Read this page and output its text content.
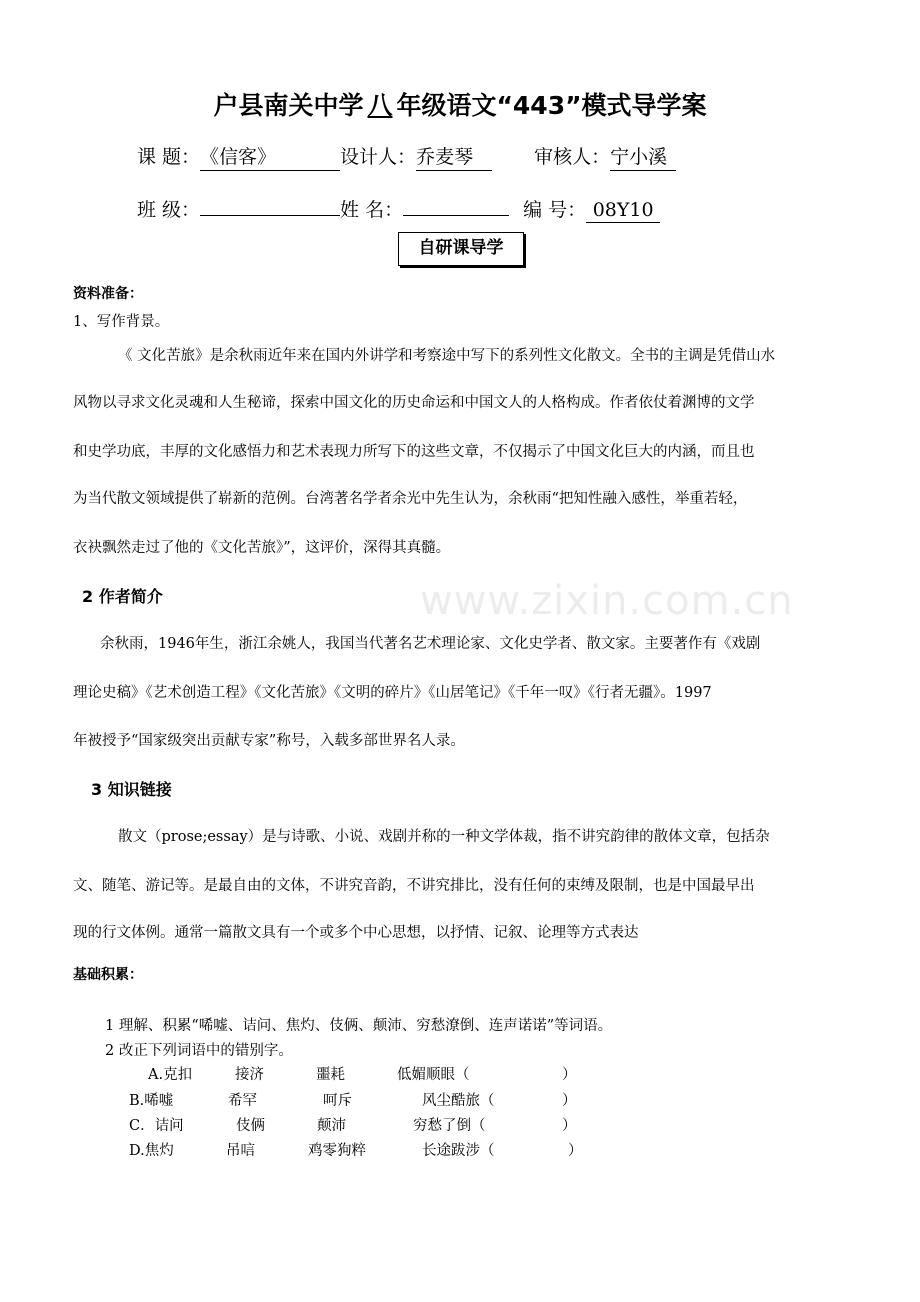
www.zixin.com.cn
户县南关中学 八 年级语文“443”模式导学案
课 题：《信客》	设计人：乔麦琴	审核人：宁小溪
班 级：	姓 名：	编 号： 08Y10
自研课导学
资料准备：
1、写作背景。
《 文化苦旅》是余秋雨近年来在国内外讲学和考察途中写下的系列性文化散文。全书的主调是凭借山水
风物以寻求文化灵魂和人生秘谛，探索中国文化的历史命运和中国文人的人格构成。作者依仗着渊博的文学
和史学功底，丰厚的文化感悟力和艺术表现力所写下的这些文章，不仅揭示了中国文化巨大的内涵，而且也
为当代散文领域提供了崭新的范例。台湾著名学者余光中先生认为，余秋雨“把知性融入感性，举重若轻，
衣袂飘然走过了他的《文化苦旅》”，这评价，深得其真髓。
2 作者简介
余秋雨，1946年生，浙江余姚人，我国当代著名艺术理论家、文化史学者、散文家。主要著作有《戏剧
理论史稿》《艺术创造工程》《文化苦旅》《文明的碎片》《山居笔记》《千年一叹》《行者无疆》。1997
年被授予“国家级突出贡献专家”称号，入载多部世界名人录。
3 知识链接
散文（prose;essay）是与诗歌、小说、戏剧并称的一种文学体裁，指不讲究韵律的散体文章，包括杂
文、随笔、游记等。是最自由的文体，不讲究音韵，不讲究排比，没有任何的束缚及限制，也是中国最早出
现的行文体例。通常一篇散文具有一个或多个中心思想，以抒情、记叙、论理等方式表达
基础积累：
1 理解、积累“唏嘘、诘问、焦灼、伎俩、颠沛、穷愁潦倒、连声诺诺”等词语。
2 改正下列词语中的错别字。
A.克扣	接济	噩耗	低媚顺眼（	）
B.唏嘘	希罕	呵斥	风尘酷旅（	）
C．诘问	伎俩	颠沛	穷愁了倒（	）
D.焦灼	吊唁	鸡零狗粹	长途跋涉（	）
